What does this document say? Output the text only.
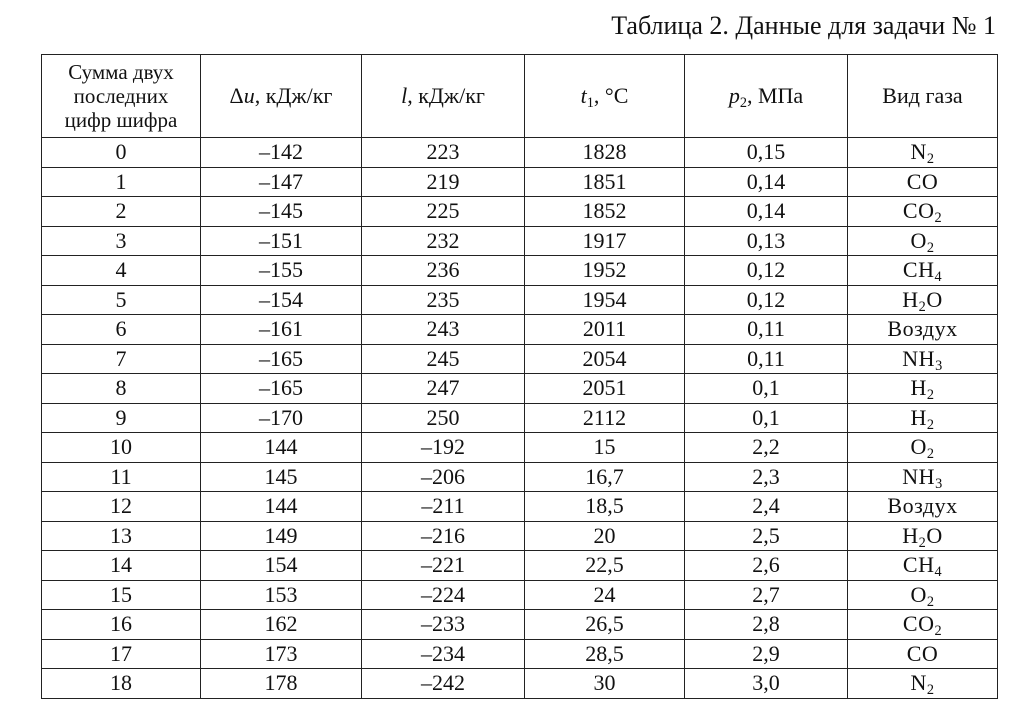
Таблица 2. Данные для задачи № 1
Сумма двух
последних
цифр шифра	Δu, кДж/кг	l, кДж/кг	$t_1$, °C	$p_2$, МПа	Вид газа
0	–142	223	1828	0,15	$N_2$
1	–147	219	1851	0,14	CO
2	–145	225	1852	0,14	$CO_2$
3	–151	232	1917	0,13	$O_2$
4	–155	236	1952	0,12	$CH_4$
5	–154	235	1954	0,12	$H_2O$
6	–161	243	2011	0,11	Воздух
7	–165	245	2054	0,11	$NH_3$
8	–165	247	2051	0,1	$H_2$
9	–170	250	2112	0,1	$H_2$
10	144	–192	15	2,2	$O_2$
11	145	–206	16,7	2,3	$NH_3$
12	144	–211	18,5	2,4	Воздух
13	149	–216	20	2,5	$H_2O$
14	154	–221	22,5	2,6	$CH_4$
15	153	–224	24	2,7	$O_2$
16	162	–233	26,5	2,8	$CO_2$
17	173	–234	28,5	2,9	CO
18	178	–242	30	3,0	$N_2$
